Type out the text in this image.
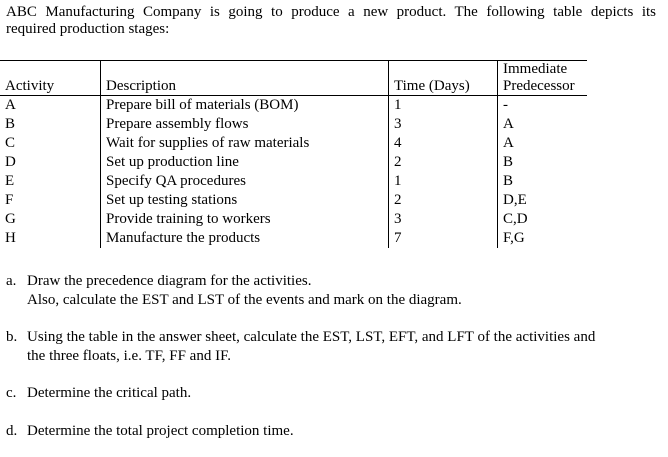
ABC Manufacturing Company is going to produce a new product. The following table depicts its
required production stages:
Activity	Description	Time (Days)	Immediate
Predecessor

A	Prepare bill of materials (BOM)	1	-
B	Prepare assembly flows	3	A
C	Wait for supplies of raw materials	4	A
D	Set up production line	2	B
E	Specify QA procedures	1	B
F	Set up testing stations	2	D,E
G	Provide training to workers	3	C,D
H	Manufacture the products	7	F,G
a. Draw the precedence diagram for the activities.
Also, calculate the EST and LST of the events and mark on the diagram.
b. Using the table in the answer sheet, calculate the EST, LST, EFT, and LFT of the activities and
the three floats, i.e. TF, FF and IF.
c. Determine the critical path.
d. Determine the total project completion time.
